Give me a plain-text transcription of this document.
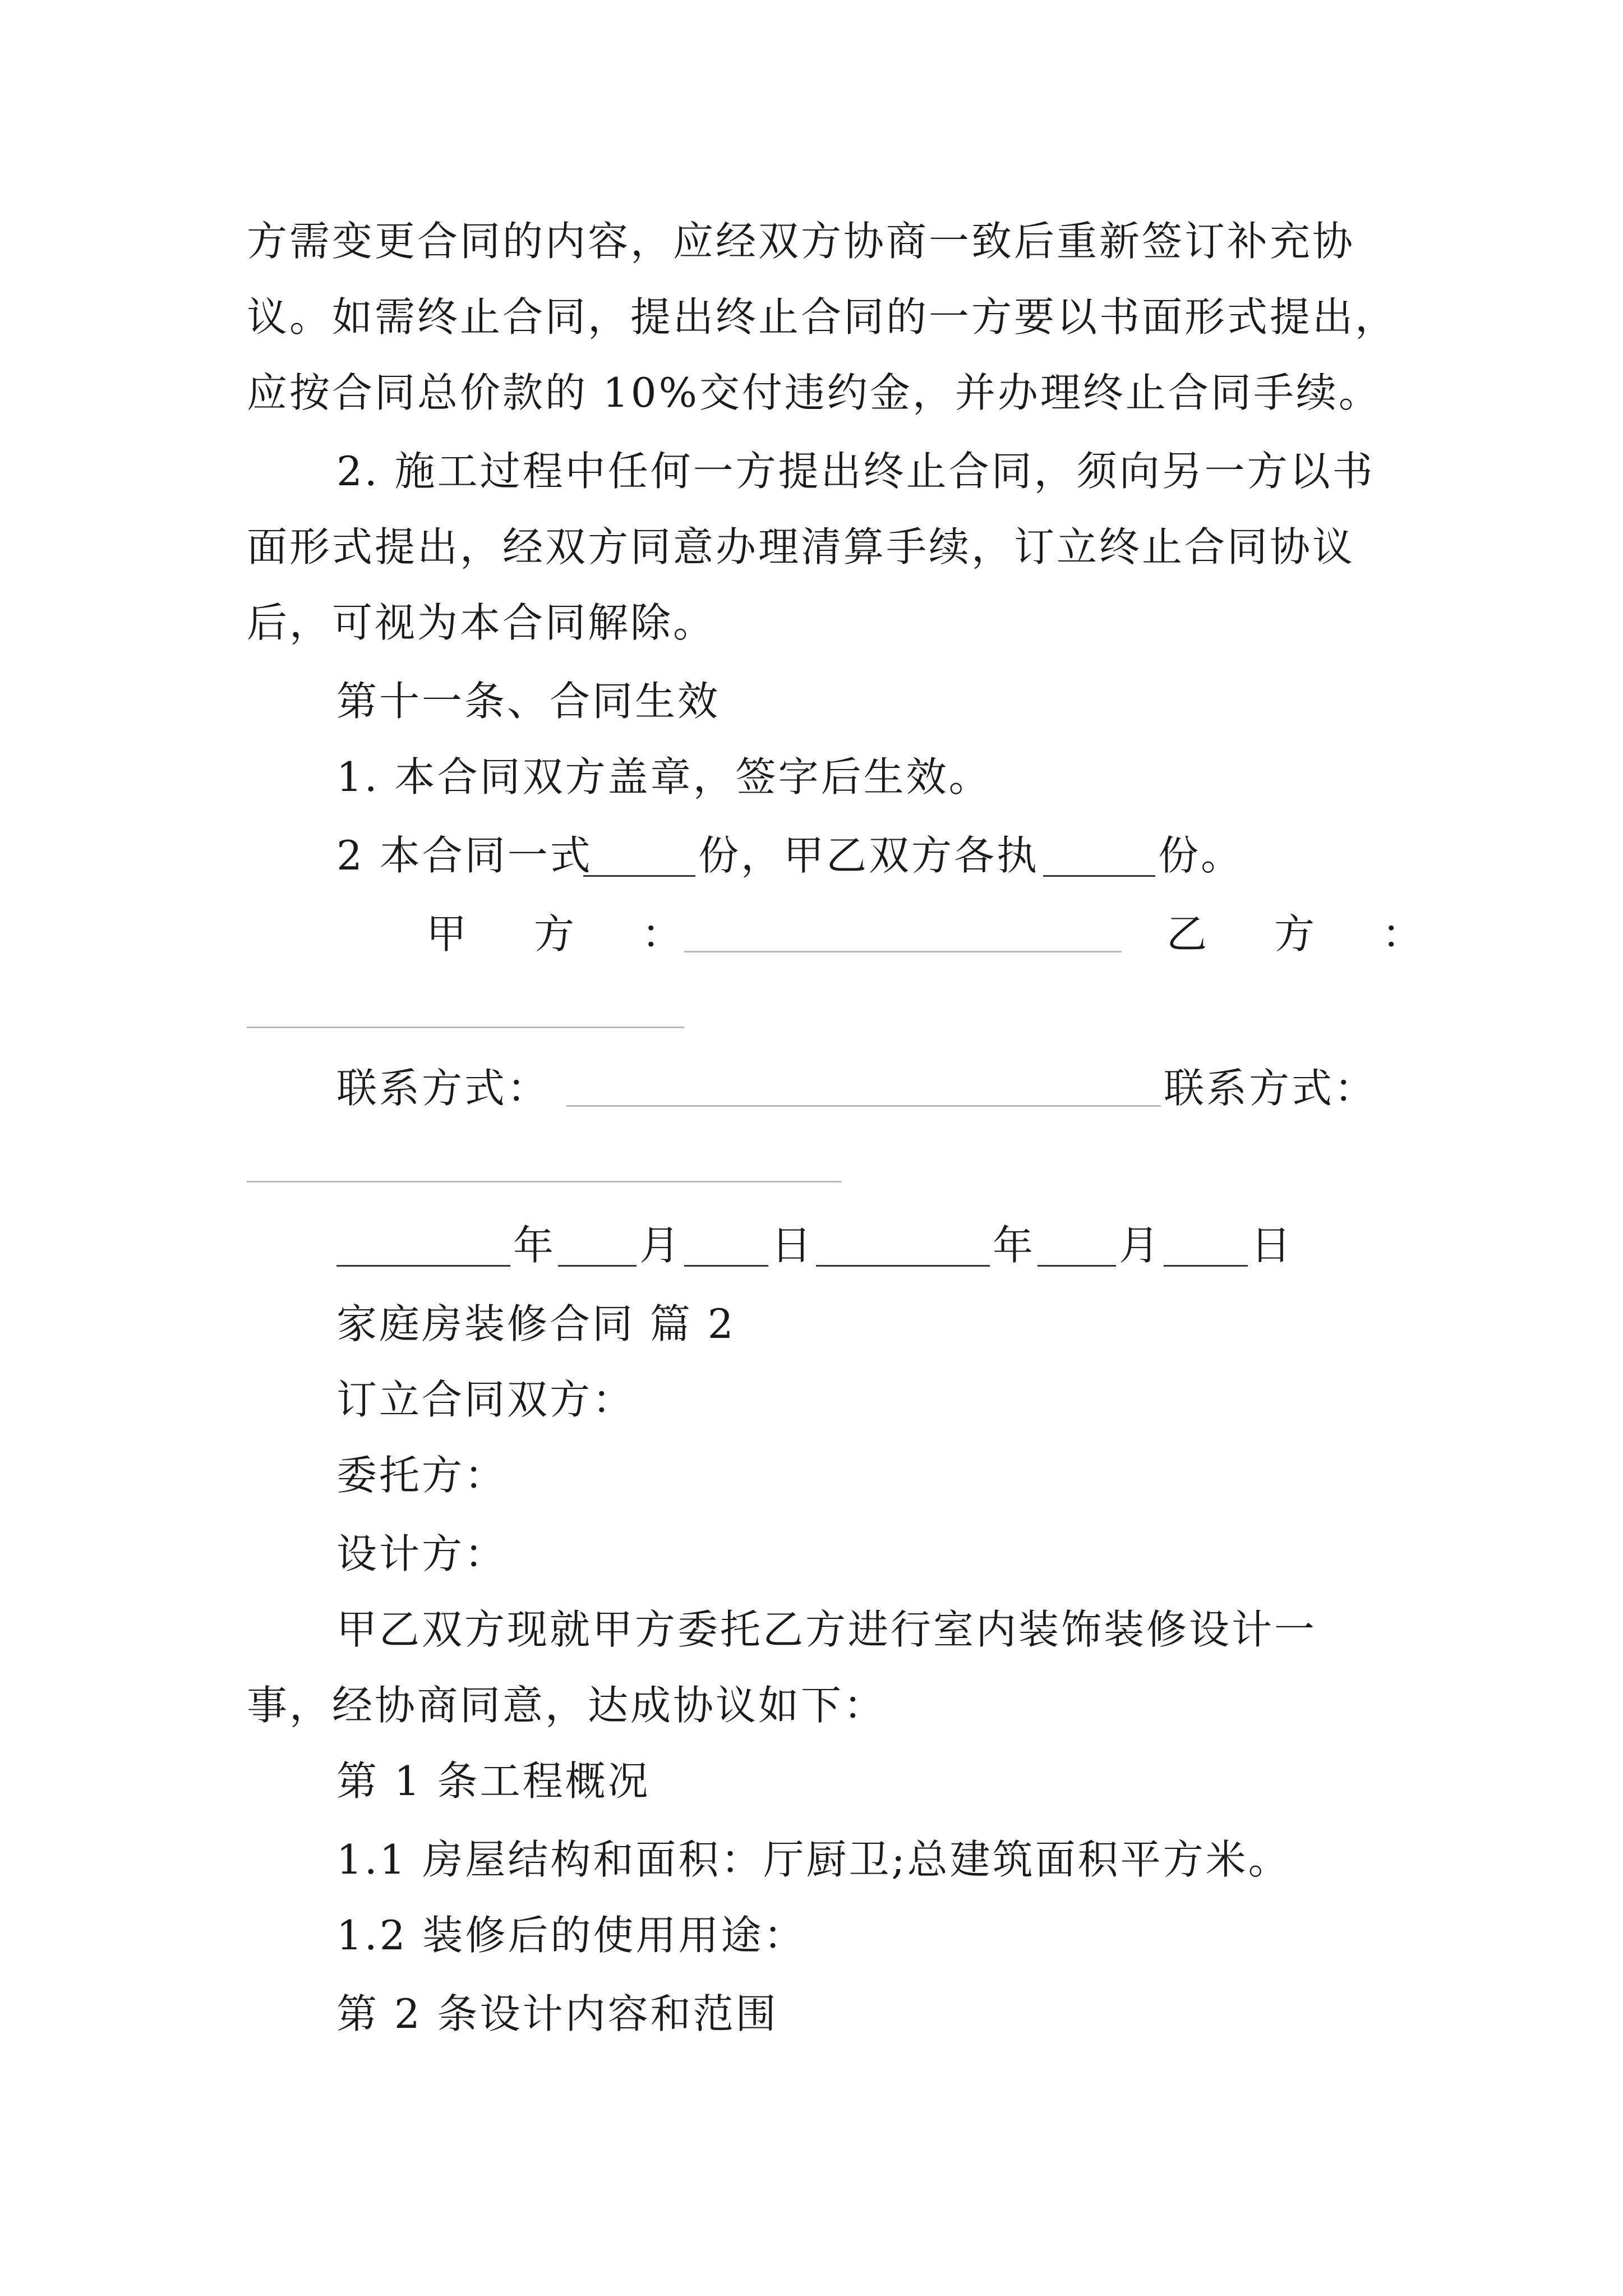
方需变更合同的内容，应经双方协商一致后重新签订补充协
议。如需终止合同，提出终止合同的一方要以书面形式提出，
应按合同总价款的 10%交付违约金，并办理终止合同手续。
2. 施工过程中任何一方提出终止合同，须向另一方以书
面形式提出，经双方同意办理清算手续，订立终止合同协议
后，可视为本合同解除。
第十一条、合同生效
1. 本合同双方盖章，签字后生效。
2 本合同一式	份，甲乙双方各执	份。
甲　方　：	乙　方　：
联系方式：	联系方式：
年 月 日	年 月 日
家庭房装修合同 篇 2
订立合同双方：
委托方：
设计方：
甲乙双方现就甲方委托乙方进行室内装饰装修设计一
事，经协商同意，达成协议如下：
第 1 条工程概况
1.1 房屋结构和面积：厅厨卫;总建筑面积平方米。
1.2 装修后的使用用途：
第 2 条设计内容和范围
